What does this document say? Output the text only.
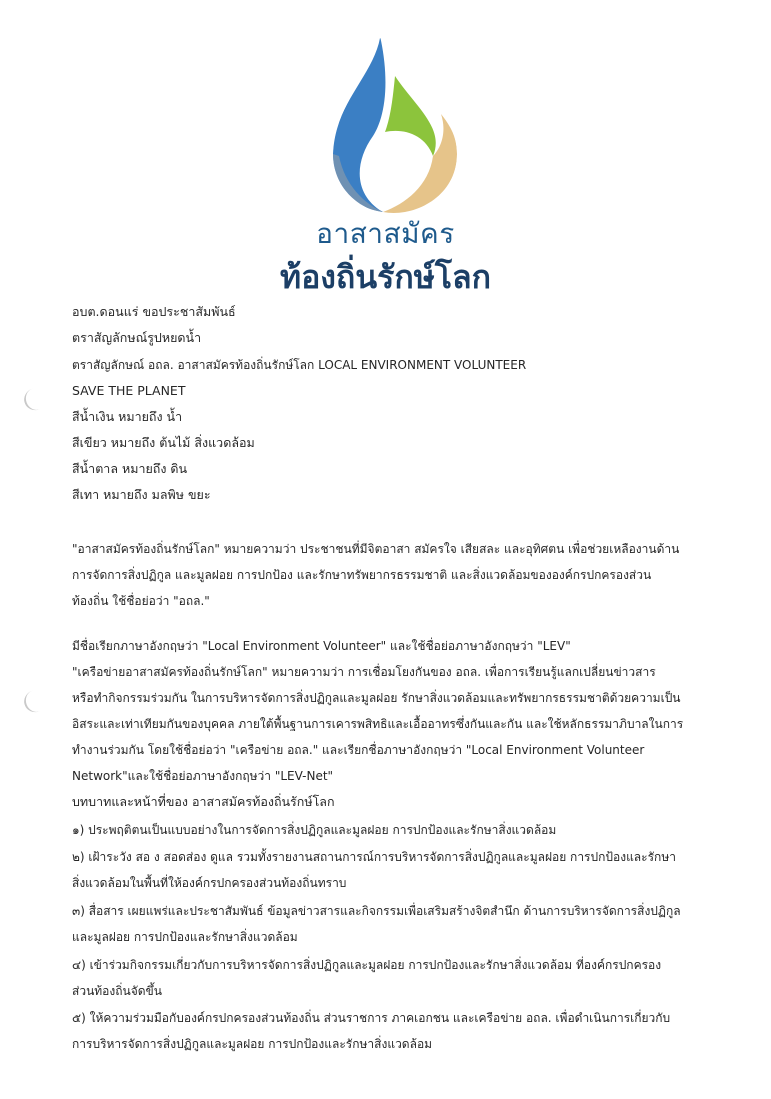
อาสาสมัคร
ท้องถิ่นรักษ์โลก
อบต.ดอนแร่ ขอประชาสัมพันธ์
ตราสัญลักษณ์รูปหยดน้ำ
ตราสัญลักษณ์ อถล. อาสาสมัครท้องถิ่นรักษ์โลก LOCAL ENVIRONMENT VOLUNTEER
SAVE THE PLANET
สีน้ำเงิน หมายถึง น้ำ
สีเขียว หมายถึง ต้นไม้ สิ่งแวดล้อม
สีน้ำตาล หมายถึง ดิน
สีเทา หมายถึง มลพิษ ขยะ
"อาสาสมัครท้องถิ่นรักษ์โลก" หมายความว่า ประชาชนที่มีจิตอาสา สมัครใจ เสียสละ และอุทิศตน เพื่อช่วยเหลืองานด้าน
การจัดการสิ่งปฏิกูล และมูลฝอย การปกป้อง และรักษาทรัพยากรธรรมชาติ และสิ่งแวดล้อมขององค์กรปกครองส่วน
ท้องถิ่น ใช้ชื่อย่อว่า "อถล."
มีชื่อเรียกภาษาอังกฤษว่า "Local Environment Volunteer" และใช้ชื่อย่อภาษาอังกฤษว่า "LEV"
"เครือข่ายอาสาสมัครท้องถิ่นรักษ์โลก" หมายความว่า การเชื่อมโยงกันของ อถล. เพื่อการเรียนรู้แลกเปลี่ยนข่าวสาร
หรือทำกิจกรรมร่วมกัน ในการบริหารจัดการสิ่งปฏิกูลและมูลฝอย รักษาสิ่งแวดล้อมและทรัพยากรธรรมชาติด้วยความเป็น
อิสระและเท่าเทียมกันของบุคคล ภายใต้พื้นฐานการเคารพสิทธิและเอื้ออาทรซึ่งกันและกัน และใช้หลักธรรมาภิบาลในการ
ทำงานร่วมกัน โดยใช้ชื่อย่อว่า "เครือข่าย อถล." และเรียกชื่อภาษาอังกฤษว่า "Local Environment Volunteer
Network"และใช้ชื่อย่อภาษาอังกฤษว่า "LEV-Net"
บทบาทและหน้าที่ของ อาสาสมัครท้องถิ่นรักษ์โลก
๑) ประพฤติตนเป็นแบบอย่างในการจัดการสิ่งปฏิกูลและมูลฝอย การปกป้องและรักษาสิ่งแวดล้อม
๒) เฝ้าระวัง สอ ง สอดส่อง ดูแล รวมทั้งรายงานสถานการณ์การบริหารจัดการสิ่งปฏิกูลและมูลฝอย การปกป้องและรักษา
สิ่งแวดล้อมในพื้นที่ให้องค์กรปกครองส่วนท้องถิ่นทราบ
๓) สื่อสาร เผยแพร่และประชาสัมพันธ์ ข้อมูลข่าวสารและกิจกรรมเพื่อเสริมสร้างจิตสำนึก ด้านการบริหารจัดการสิ่งปฏิกูล
และมูลฝอย การปกป้องและรักษาสิ่งแวดล้อม
๔) เข้าร่วมกิจกรรมเกี่ยวกับการบริหารจัดการสิ่งปฏิกูลและมูลฝอย การปกป้องและรักษาสิ่งแวดล้อม ที่องค์กรปกครอง
ส่วนท้องถิ่นจัดขึ้น
๕) ให้ความร่วมมือกับองค์กรปกครองส่วนท้องถิ่น ส่วนราชการ ภาคเอกชน และเครือข่าย อถล. เพื่อดำเนินการเกี่ยวกับ
การบริหารจัดการสิ่งปฏิกูลและมูลฝอย การปกป้องและรักษาสิ่งแวดล้อม
